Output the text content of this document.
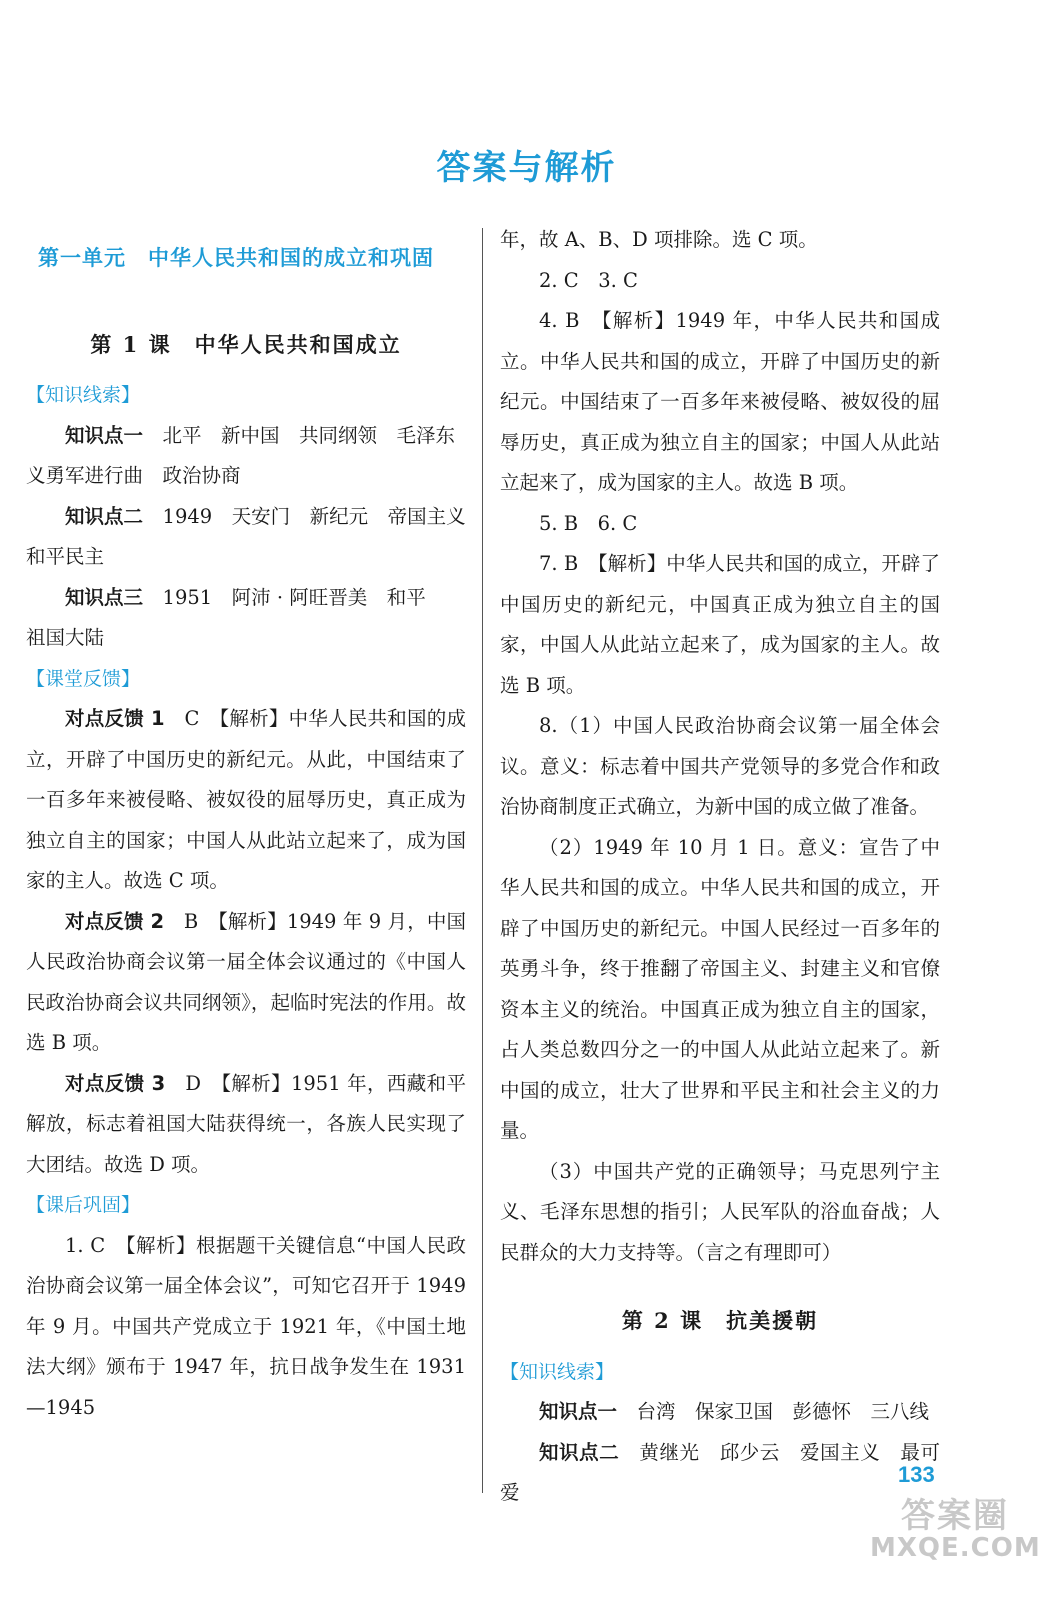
答案与解析
第一单元　中华人民共和国的成立和巩固
第 1 课　中华人民共和国成立
【知识线索】

知识点一　 北平　新中国　共同纲领　毛泽东

义勇军进行曲　政治协商

知识点二　 1949　天安门　新纪元　帝国主义

和平民主

知识点三　 1951　阿沛 · 阿旺晋美　和平

祖国大陆

【课堂反馈】

对点反馈 1　C　【解析】中华人民共和国的成立，开辟了中国历史的新纪元。从此，中国结束了一百多年来被侵略、被奴役的屈辱历史，真正成为独立自主的国家；中国人从此站立起来了，成为国家的主人。故选 C 项。

对点反馈 2　B　【解析】1949 年 9 月，中国人民政治协商会议第一届全体会议通过的《中国人民政治协商会议共同纲领》，起临时宪法的作用。故选 B 项。

对点反馈 3　D　【解析】1951 年，西藏和平解放，标志着祖国大陆获得统一，各族人民实现了大团结。故选 D 项。

【课后巩固】

1. C　【解析】根据题干关键信息“中国人民政治协商会议第一届全体会议”，可知它召开于 1949 年 9 月。中国共产党成立于 1921 年，《中国土地法大纲》颁布于 1947 年，抗日战争发生在 1931—1945

年，故 A、B、D 项排除。选 C 项。

2. C　3. C

4. B　【解析】1949 年，中华人民共和国成立。中华人民共和国的成立，开辟了中国历史的新纪元。中国结束了一百多年来被侵略、被奴役的屈辱历史，真正成为独立自主的国家；中国人从此站立起来了，成为国家的主人。故选 B 项。

5. B　6. C

7. B　【解析】中华人民共和国的成立，开辟了中国历史的新纪元，中国真正成为独立自主的国家，中国人从此站立起来了，成为国家的主人。故选 B 项。

8.（1）中国人民政治协商会议第一届全体会议。意义：标志着中国共产党领导的多党合作和政治协商制度正式确立，为新中国的成立做了准备。

（2）1949 年 10 月 1 日。意义：宣告了中华人民共和国的成立。中华人民共和国的成立，开辟了中国历史的新纪元。中国人民经过一百多年的英勇斗争，终于推翻了帝国主义、封建主义和官僚资本主义的统治。中国真正成为独立自主的国家，占人类总数四分之一的中国人从此站立起来了。新中国的成立，壮大了世界和平民主和社会主义的力量。

（3）中国共产党的正确领导；马克思列宁主义、毛泽东思想的指引；人民军队的浴血奋战；人民群众的大力支持等。（言之有理即可）

第 2 课　抗美援朝
【知识线索】

知识点一　 台湾　保家卫国　彭德怀　三八线

知识点二　 黄继光　邱少云　爱国主义　最可爱

133
答案圈
MXQE.COM
